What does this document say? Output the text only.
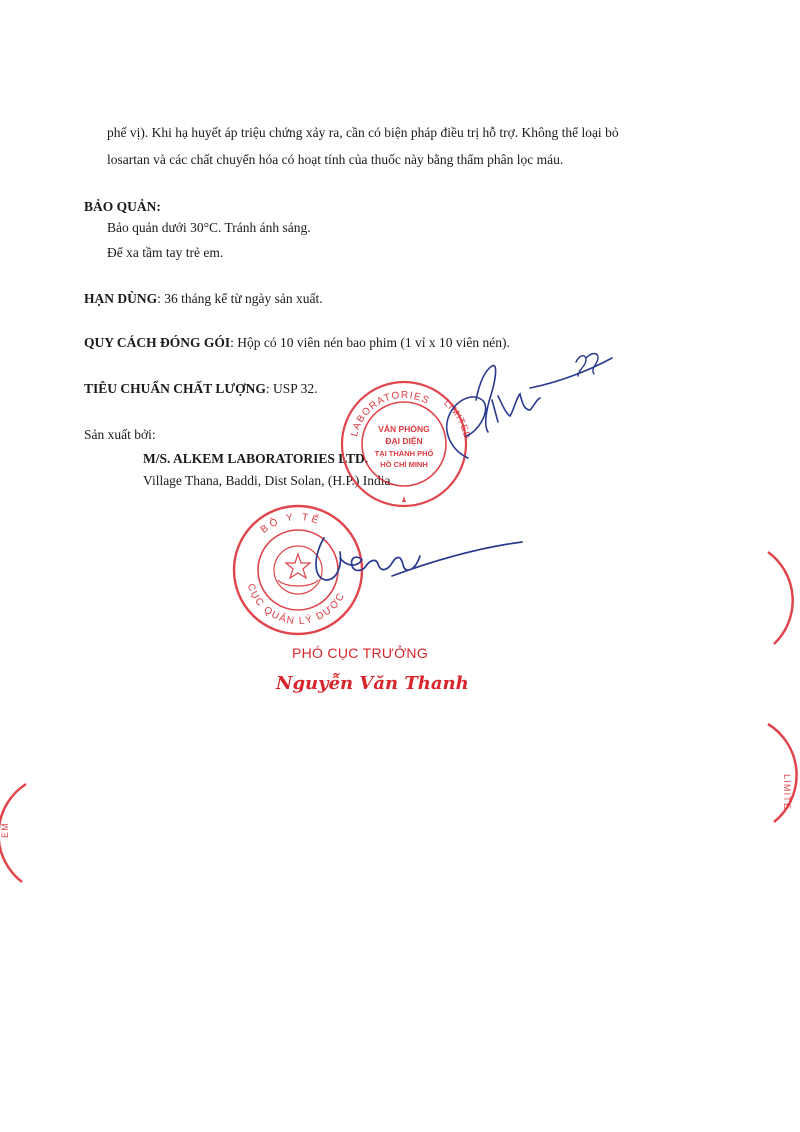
phế vị). Khi hạ huyết áp triệu chứng xảy ra, cần có biện pháp điều trị hỗ trợ. Không thể loại bỏ
losartan và các chất chuyển hóa có hoạt tính của thuốc này bằng thẩm phân lọc máu.
BẢO QUẢN:
Bảo quản dưới 30°C. Tránh ánh sáng.
Để xa tầm tay trẻ em.
HẠN DÙNG: 36 tháng kể từ ngày sản xuất.
QUY CÁCH ĐÓNG GÓI: Hộp có 10 viên nén bao phim (1 vỉ x 10 viên nén).
TIÊU CHUẨN CHẤT LƯỢNG: USP 32.
Sản xuất bởi:
M/S. ALKEM LABORATORIES LTD.
Village Thana, Baddi, Dist Solan, (H.P.) India.
LABORATORIES LIMITED
VĂN PHÒNG
ĐẠI DIỆN
TẠI THÀNH PHỐ
HỒ CHÍ MINH
BỘ Y TẾ
CỤC QUẢN LÝ DƯỢC
PHÓ CỤC TRƯỞNG
Nguyễn Văn Thanh
LIMITE
EM
